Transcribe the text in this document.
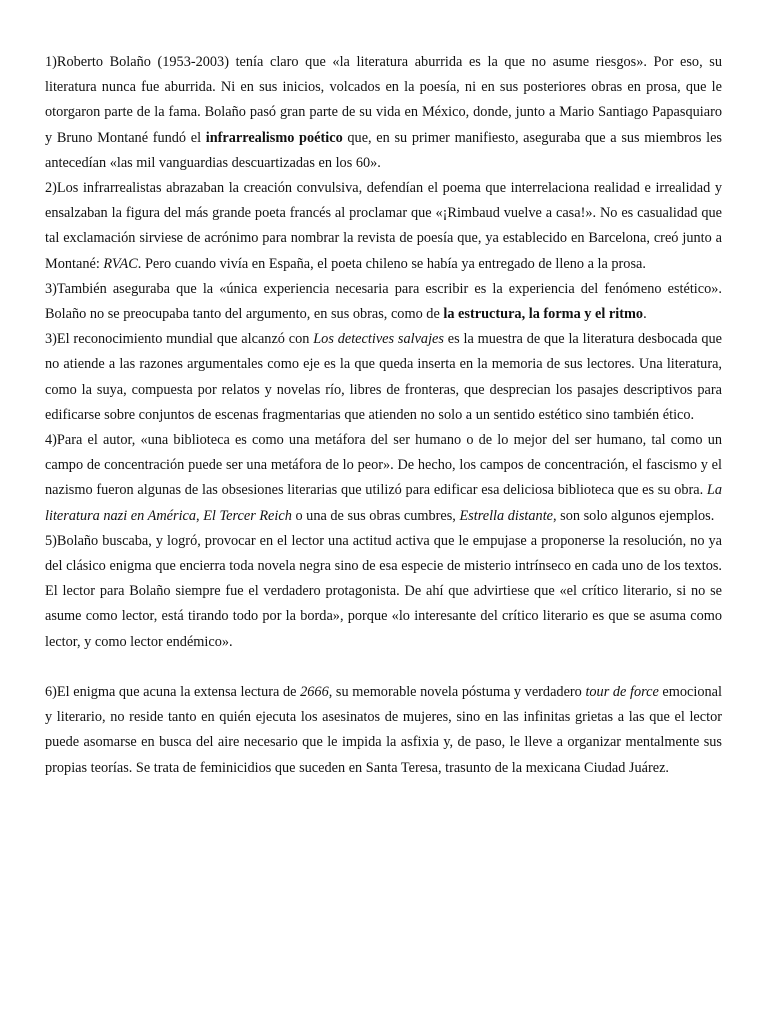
1)Roberto Bolaño (1953-2003) tenía claro que «la literatura aburrida es la que no asume riesgos». Por eso, su literatura nunca fue aburrida. Ni en sus inicios, volcados en la poesía, ni en sus posteriores obras en prosa, que le otorgaron parte de la fama. Bolaño pasó gran parte de su vida en México, donde, junto a Mario Santiago Papasquiaro y Bruno Montané fundó el infrarrealismo poético que, en su primer manifiesto, aseguraba que a sus miembros les antecedían «las mil vanguardias descuartizadas en los 60».

2)Los infrarrealistas abrazaban la creación convulsiva, defendían el poema que interrelaciona realidad e irrealidad y ensalzaban la figura del más grande poeta francés al proclamar que «¡Rimbaud vuelve a casa!». No es casualidad que tal exclamación sirviese de acrónimo para nombrar la revista de poesía que, ya establecido en Barcelona, creó junto a Montané: RVAC. Pero cuando vivía en España, el poeta chileno se había ya entregado de lleno a la prosa.

3)También aseguraba que la «única experiencia necesaria para escribir es la experiencia del fenómeno estético». Bolaño no se preocupaba tanto del argumento, en sus obras, como de la estructura, la forma y el ritmo.

3)El reconocimiento mundial que alcanzó con Los detectives salvajes es la muestra de que la literatura desbocada que no atiende a las razones argumentales como eje es la que queda inserta en la memoria de sus lectores. Una literatura, como la suya, compuesta por relatos y novelas río, libres de fronteras, que desprecian los pasajes descriptivos para edificarse sobre conjuntos de escenas fragmentarias que atienden no solo a un sentido estético sino también ético.

4)Para el autor, «una biblioteca es como una metáfora del ser humano o de lo mejor del ser humano, tal como un campo de concentración puede ser una metáfora de lo peor». De hecho, los campos de concentración, el fascismo y el nazismo fueron algunas de las obsesiones literarias que utilizó para edificar esa deliciosa biblioteca que es su obra. La literatura nazi en América, El Tercer Reich o una de sus obras cumbres, Estrella distante, son solo algunos ejemplos.

5)Bolaño buscaba, y logró, provocar en el lector una actitud activa que le empujase a proponerse la resolución, no ya del clásico enigma que encierra toda novela negra sino de esa especie de misterio intrínseco en cada uno de los textos. El lector para Bolaño siempre fue el verdadero protagonista. De ahí que advirtiese que «el crítico literario, si no se asume como lector, está tirando todo por la borda», porque «lo interesante del crítico literario es que se asuma como lector, y como lector endémico».

6)El enigma que acuna la extensa lectura de 2666, su memorable novela póstuma y verdadero tour de force emocional y literario, no reside tanto en quién ejecuta los asesinatos de mujeres, sino en las infinitas grietas a las que el lector puede asomarse en busca del aire necesario que le impida la asfixia y, de paso, le lleve a organizar mentalmente sus propias teorías. Se trata de feminicidios que suceden en Santa Teresa, trasunto de la mexicana Ciudad Juárez.
